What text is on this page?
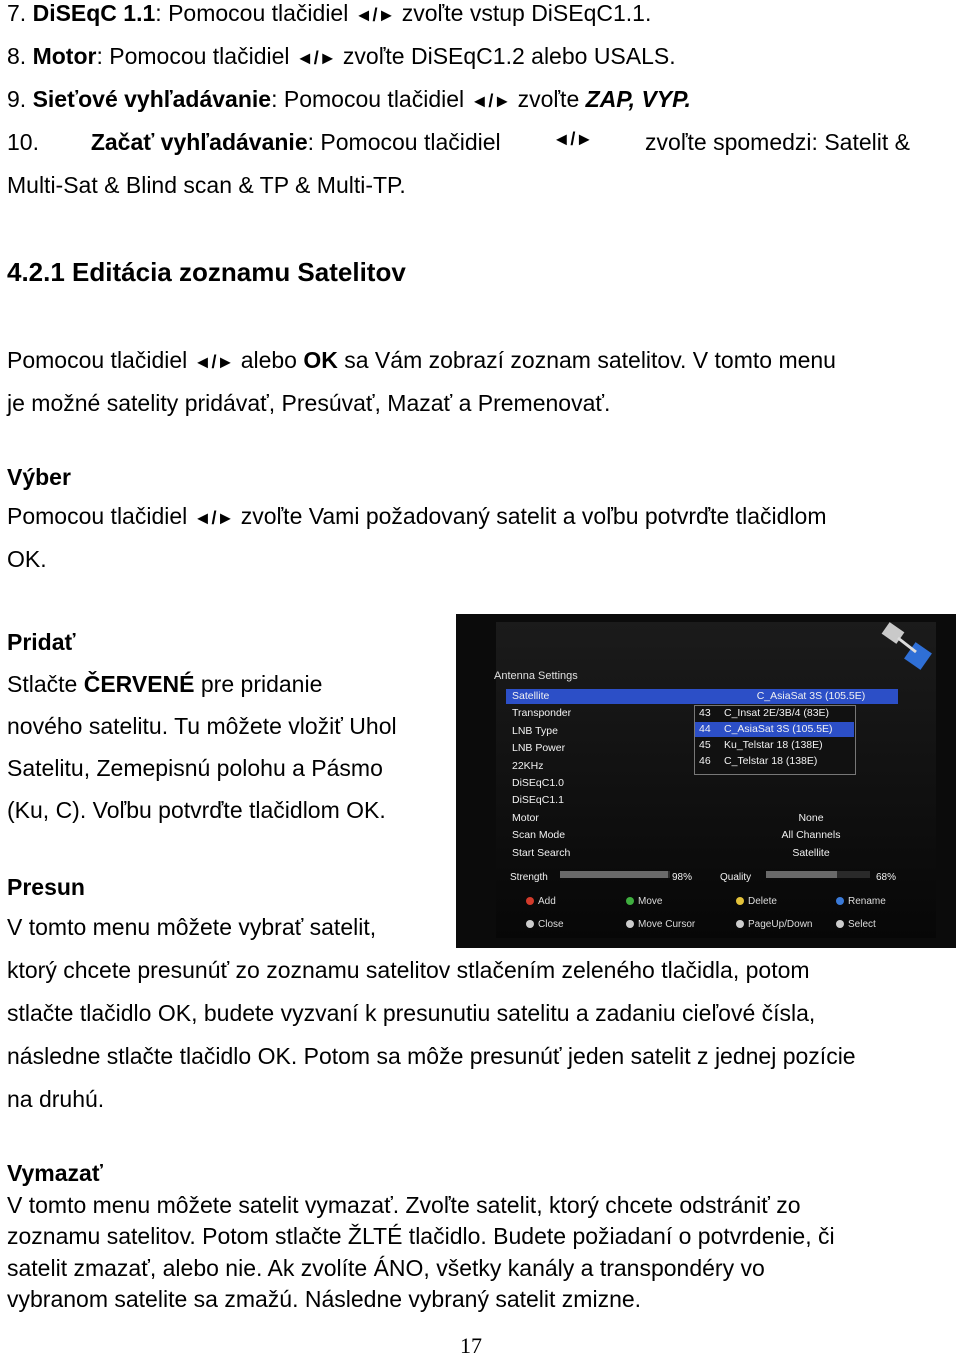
7. DiSEqC 1.1: Pomocou tlačidiel ◄/► zvoľte vstup DiSEqC1.1.
8. Motor: Pomocou tlačidiel ◄/► zvoľte DiSEqC1.2 alebo USALS.
9. Sieťové vyhľadávanie: Pomocou tlačidiel ◄/► zvoľte ZAP, VYP.
10. Začať vyhľadávanie: Pomocou tlačidiel	◄/► zvoľte spomedzi: Satelit &
Multi-Sat & Blind scan & TP & Multi-TP.
4.2.1 Editácia zoznamu Satelitov
Pomocou tlačidiel ◄/► alebo OK sa Vám zobrazí zoznam satelitov. V tomto menu
je možné satelity pridávať, Presúvať, Mazať a Premenovať.
Výber
Pomocou tlačidiel ◄/► zvoľte Vami požadovaný satelit a voľbu potvrďte tlačidlom
OK.
Pridať
Stlačte ČERVENÉ pre pridanie
nového satelitu. Tu môžete vložiť Uhol
Satelitu, Zemepisnú polohu a Pásmo
(Ku, C). Voľbu potvrďte tlačidlom OK.
Antenna Settings
Satellite	C_AsiaSat 3S (105.5E)
Transponder
LNB Type
LNB Power
22KHz
DiSEqC1.0
DiSEqC1.1
Motor	None
Scan Mode	All Channels
Start Search	Satellite
43 C_Insat 2E/3B/4 (83E)
44 C_AsiaSat 3S (105.5E)
45 Ku_Telstar 18 (138E)
46 C_Telstar 18 (138E)
Strength	98%	Quality	68%
Add	Move	Delete	Rename
Close	Move Cursor	PageUp/Down	Select
Presun
V tomto menu môžete vybrať satelit,
ktorý chcete presunúť zo zoznamu satelitov stlačením zeleného tlačidla, potom
stlačte tlačidlo OK, budete vyzvaní k presunutiu satelitu a zadaniu cieľové čísla,
následne stlačte tlačidlo OK. Potom sa môže presunúť jeden satelit z jednej pozície
na druhú.
Vymazať
V tomto menu môžete satelit vymazať. Zvoľte satelit, ktorý chcete odstrániť zo
zoznamu satelitov. Potom stlačte ŽLTÉ tlačidlo. Budete požiadaní o potvrdenie, či
satelit zmazať, alebo nie. Ak zvolíte ÁNO, všetky kanály a transpondéry vo
vybranom satelite sa zmažú. Následne vybraný satelit zmizne.
17
